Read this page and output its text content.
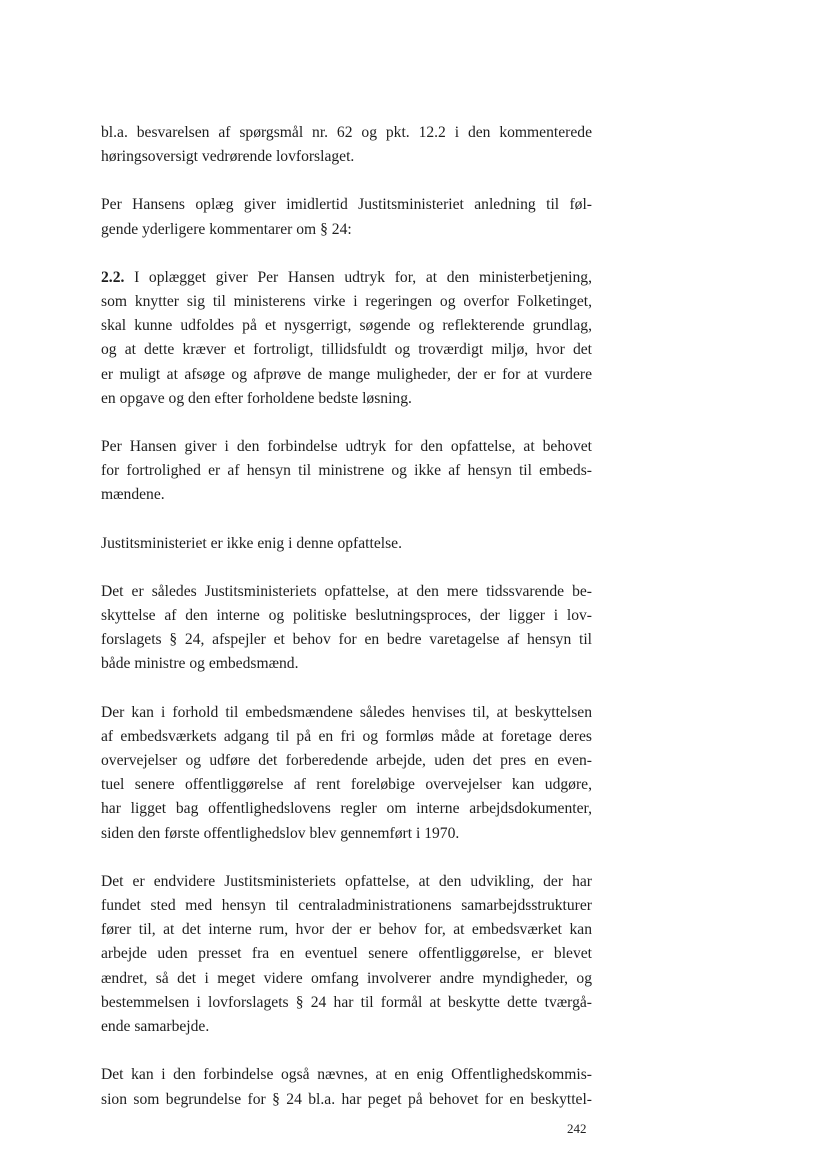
bl.a. besvarelsen af spørgsmål nr. 62 og pkt. 12.2 i den kommenterede
høringsoversigt vedrørende lovforslaget.

Per Hansens oplæg giver imidlertid Justitsministeriet anledning til føl-
gende yderligere kommentarer om § 24:

2.2. I oplægget giver Per Hansen udtryk for, at den ministerbetjening,
som knytter sig til ministerens virke i regeringen og overfor Folketinget,
skal kunne udfoldes på et nysgerrigt, søgende og reflekterende grundlag,
og at dette kræver et fortroligt, tillidsfuldt og troværdigt miljø, hvor det
er muligt at afsøge og afprøve de mange muligheder, der er for at vurdere
en opgave og den efter forholdene bedste løsning.

Per Hansen giver i den forbindelse udtryk for den opfattelse, at behovet
for fortrolighed er af hensyn til ministrene og ikke af hensyn til embeds-
mændene.

Justitsministeriet er ikke enig i denne opfattelse.

Det er således Justitsministeriets opfattelse, at den mere tidssvarende be-
skyttelse af den interne og politiske beslutningsproces, der ligger i lov-
forslagets § 24, afspejler et behov for en bedre varetagelse af hensyn til
både ministre og embedsmænd.

Der kan i forhold til embedsmændene således henvises til, at beskyttelsen
af embedsværkets adgang til på en fri og formløs måde at foretage deres
overvejelser og udføre det forberedende arbejde, uden det pres en even-
tuel senere offentliggørelse af rent foreløbige overvejelser kan udgøre,
har ligget bag offentlighedslovens regler om interne arbejdsdokumenter,
siden den første offentlighedslov blev gennemført i 1970.

Det er endvidere Justitsministeriets opfattelse, at den udvikling, der har
fundet sted med hensyn til centraladministrationens samarbejdsstrukturer
fører til, at det interne rum, hvor der er behov for, at embedsværket kan
arbejde uden presset fra en eventuel senere offentliggørelse, er blevet
ændret, så det i meget videre omfang involverer andre myndigheder, og
bestemmelsen i lovforslagets § 24 har til formål at beskytte dette tværgå-
ende samarbejde.

Det kan i den forbindelse også nævnes, at en enig Offentlighedskommis-
sion som begrundelse for § 24 bl.a. har peget på behovet for en beskyttel-

242
